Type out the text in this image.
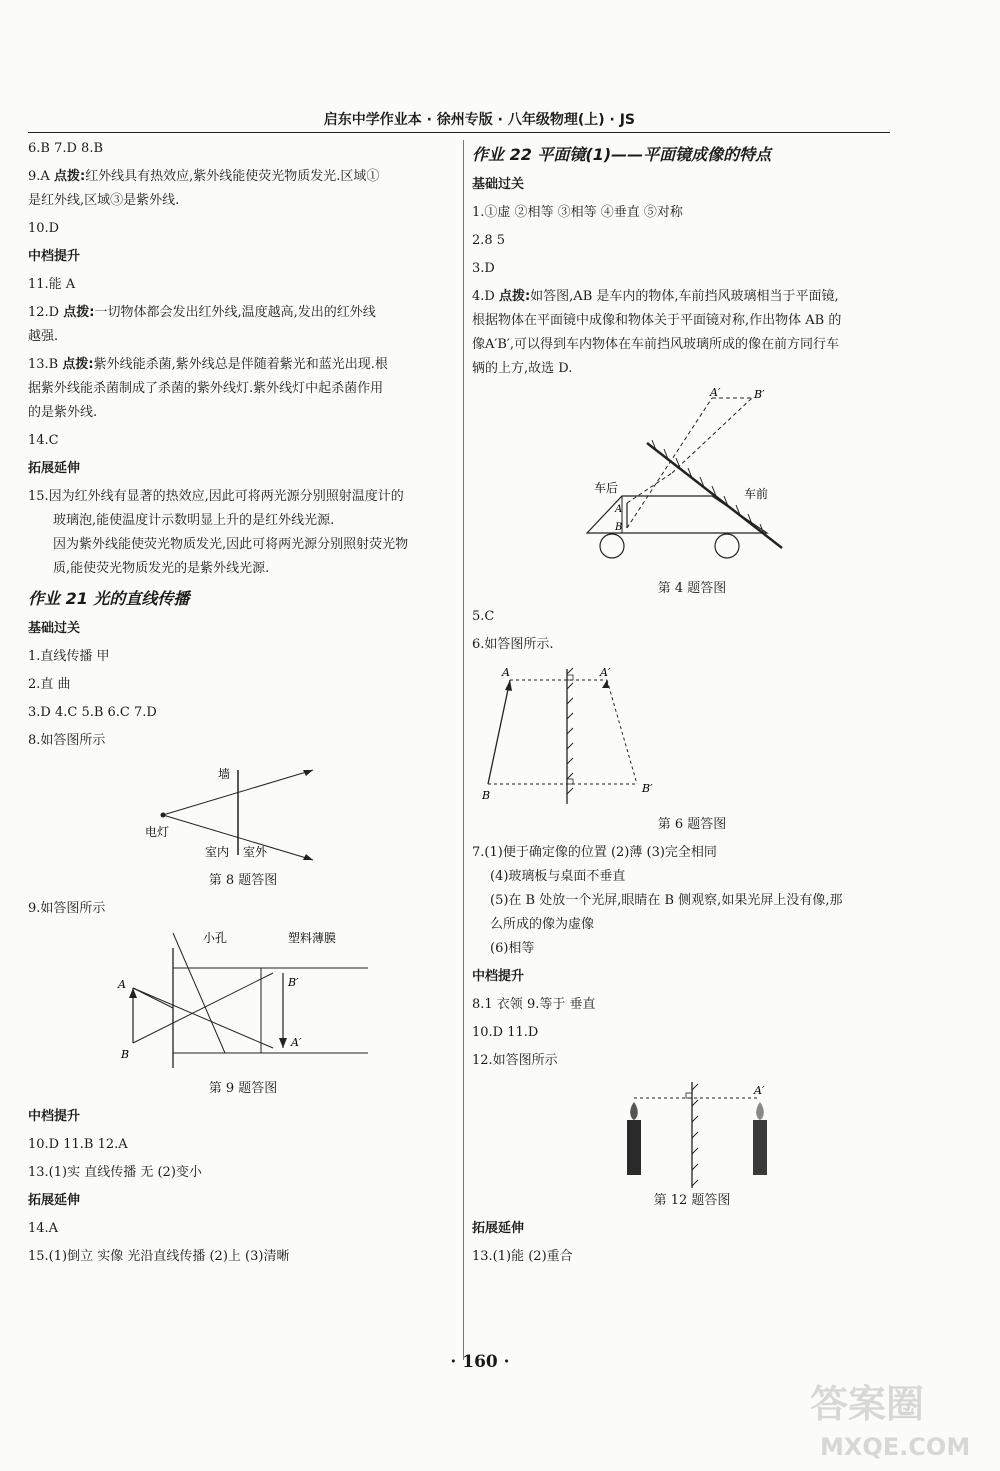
启东中学作业本 · 徐州专版 · 八年级物理(上) · JS
6.B 7.D 8.B
9.A 点拨:红外线具有热效应,紫外线能使荧光物质发光.区域①
是红外线,区域③是紫外线.
10.D
中档提升
11.能 A
12.D 点拨:一切物体都会发出红外线,温度越高,发出的红外线
越强.
13.B 点拨:紫外线能杀菌,紫外线总是伴随着紫光和蓝光出现.根
据紫外线能杀菌制成了杀菌的紫外线灯.紫外线灯中起杀菌作用
的是紫外线.
14.C
拓展延伸
15.因为红外线有显著的热效应,因此可将两光源分别照射温度计的
玻璃泡,能使温度计示数明显上升的是红外线光源.
因为紫外线能使荧光物质发光,因此可将两光源分别照射荧光物
质,能使荧光物质发光的是紫外线光源.
作业 21 光的直线传播
基础过关
1.直线传播 甲
2.直 曲
3.D 4.C 5.B 6.C 7.D
8.如答图所示
墙
电灯
室内 室外
第 8 题答图
9.如答图所示
小孔	塑料薄膜
A
B
B′
A′
第 9 题答图
中档提升
10.D 11.B 12.A
13.(1)实 直线传播 无 (2)变小
拓展延伸
14.A
15.(1)倒立 实像 光沿直线传播 (2)上 (3)清晰
作业 22 平面镜(1)——平面镜成像的特点
基础过关
1.①虚 ②相等 ③相等 ④垂直 ⑤对称
2.8 5
3.D
4.D 点拨:如答图,AB 是车内的物体,车前挡风玻璃相当于平面镜,
根据物体在平面镜中成像和物体关于平面镜对称,作出物体 AB 的
像A′B′,可以得到车内物体在车前挡风玻璃所成的像在前方同行车
辆的上方,故选 D.
A′	B′
车后	车前
A
B
第 4 题答图
5.C
6.如答图所示.
A	A′
B
B′
第 6 题答图
7.(1)便于确定像的位置 (2)薄 (3)完全相同
(4)玻璃板与桌面不垂直
(5)在 B 处放一个光屏,眼睛在 B 侧观察,如果光屏上没有像,那
么所成的像为虚像
(6)相等
中档提升
8.1 衣领 9.等于 垂直
10.D 11.D
12.如答图所示
A′
第 12 题答图
拓展延伸
13.(1)能 (2)重合
· 160 ·
答案圈
MXQE.COM
